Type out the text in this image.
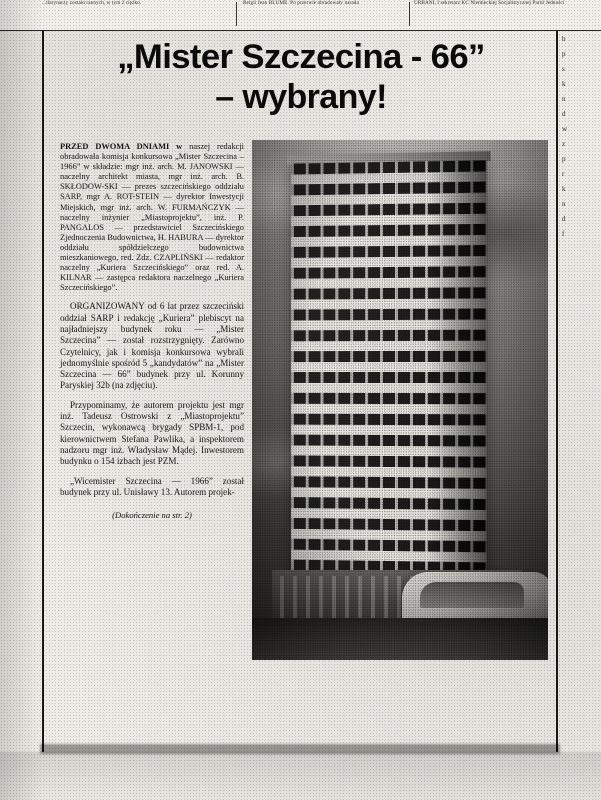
...ilarynarzy zostało rannych, w tym 2 ciężko.	Belgii Jean BLUME. Po przerwie obradowały narada	URBANI, I sekretarz KC Niemieckiej Socjalistycznej Partii Jedności
„Mister Szczecina - 66”
– wybrany!
PRZED DWOMA DNIAMI w naszej redakcji obradowała komisja konkursowa „Mister Szczecina – 1966” w składzie: mgr inż. arch. M. JANOWSKI — naczelny architekt miasta, mgr inż. arch. B. SKŁODOW-SKI — prezes szczecińskiego oddziału SARP, mgr A. ROT-STEIN — dyrektor Inwestycji Miejskich, mgr inż. arch. W. FURMAŃCZYK — naczelny inżynier „Miastoprojektu”, inż. P. PANGALOS — przedstawiciel Szczecińskiego Zjednoczenia Budownictwa, H. HABURA — dyrektor oddziału spółdzielczego budownictwa mieszkaniowego, red. Zdz. CZAPLIŃSKI — redaktor naczelny „Kuriera Szczecińskiego” oraz red. A. KILNAR — zastępca redaktora naczelnego „Kuriera Szczecińskiego”.
ORGANIZOWANY od 6 lat przez szczeciński oddział SARP i redakcję „Kuriera” plebiscyt na najładniejszy budynek roku — „Mister Szczecina” — został rozstrzygnięty. Zarówno Czytelnicy, jak i komisja konkursowa wybrali jednomyślnie spośród 5 „kandydatów” na „Mister Szczecina — 66” budynek przy ul. Korunny Paryskiej 32b (na zdjęciu).
Przypominamy, że autorem projektu jest mgr inż. Tadeusz Ostrowski z „Miastoprojektu” Szczecin, wykonawcą brygady SPBM-1, pod kierownictwem Stefana Pawlika, a inspektorem nadzoru mgr inż. Władysław Mądej. Inwestorem budynku o 154 izbach jest PZM.
„Wicemister Szczecina — 1966” został budynek przy ul. Unisławy 13. Autorem projek-
(Dokończenie na str. 2)
b
p
s
k
n
d
w
z
p
r
k
n
d
f
